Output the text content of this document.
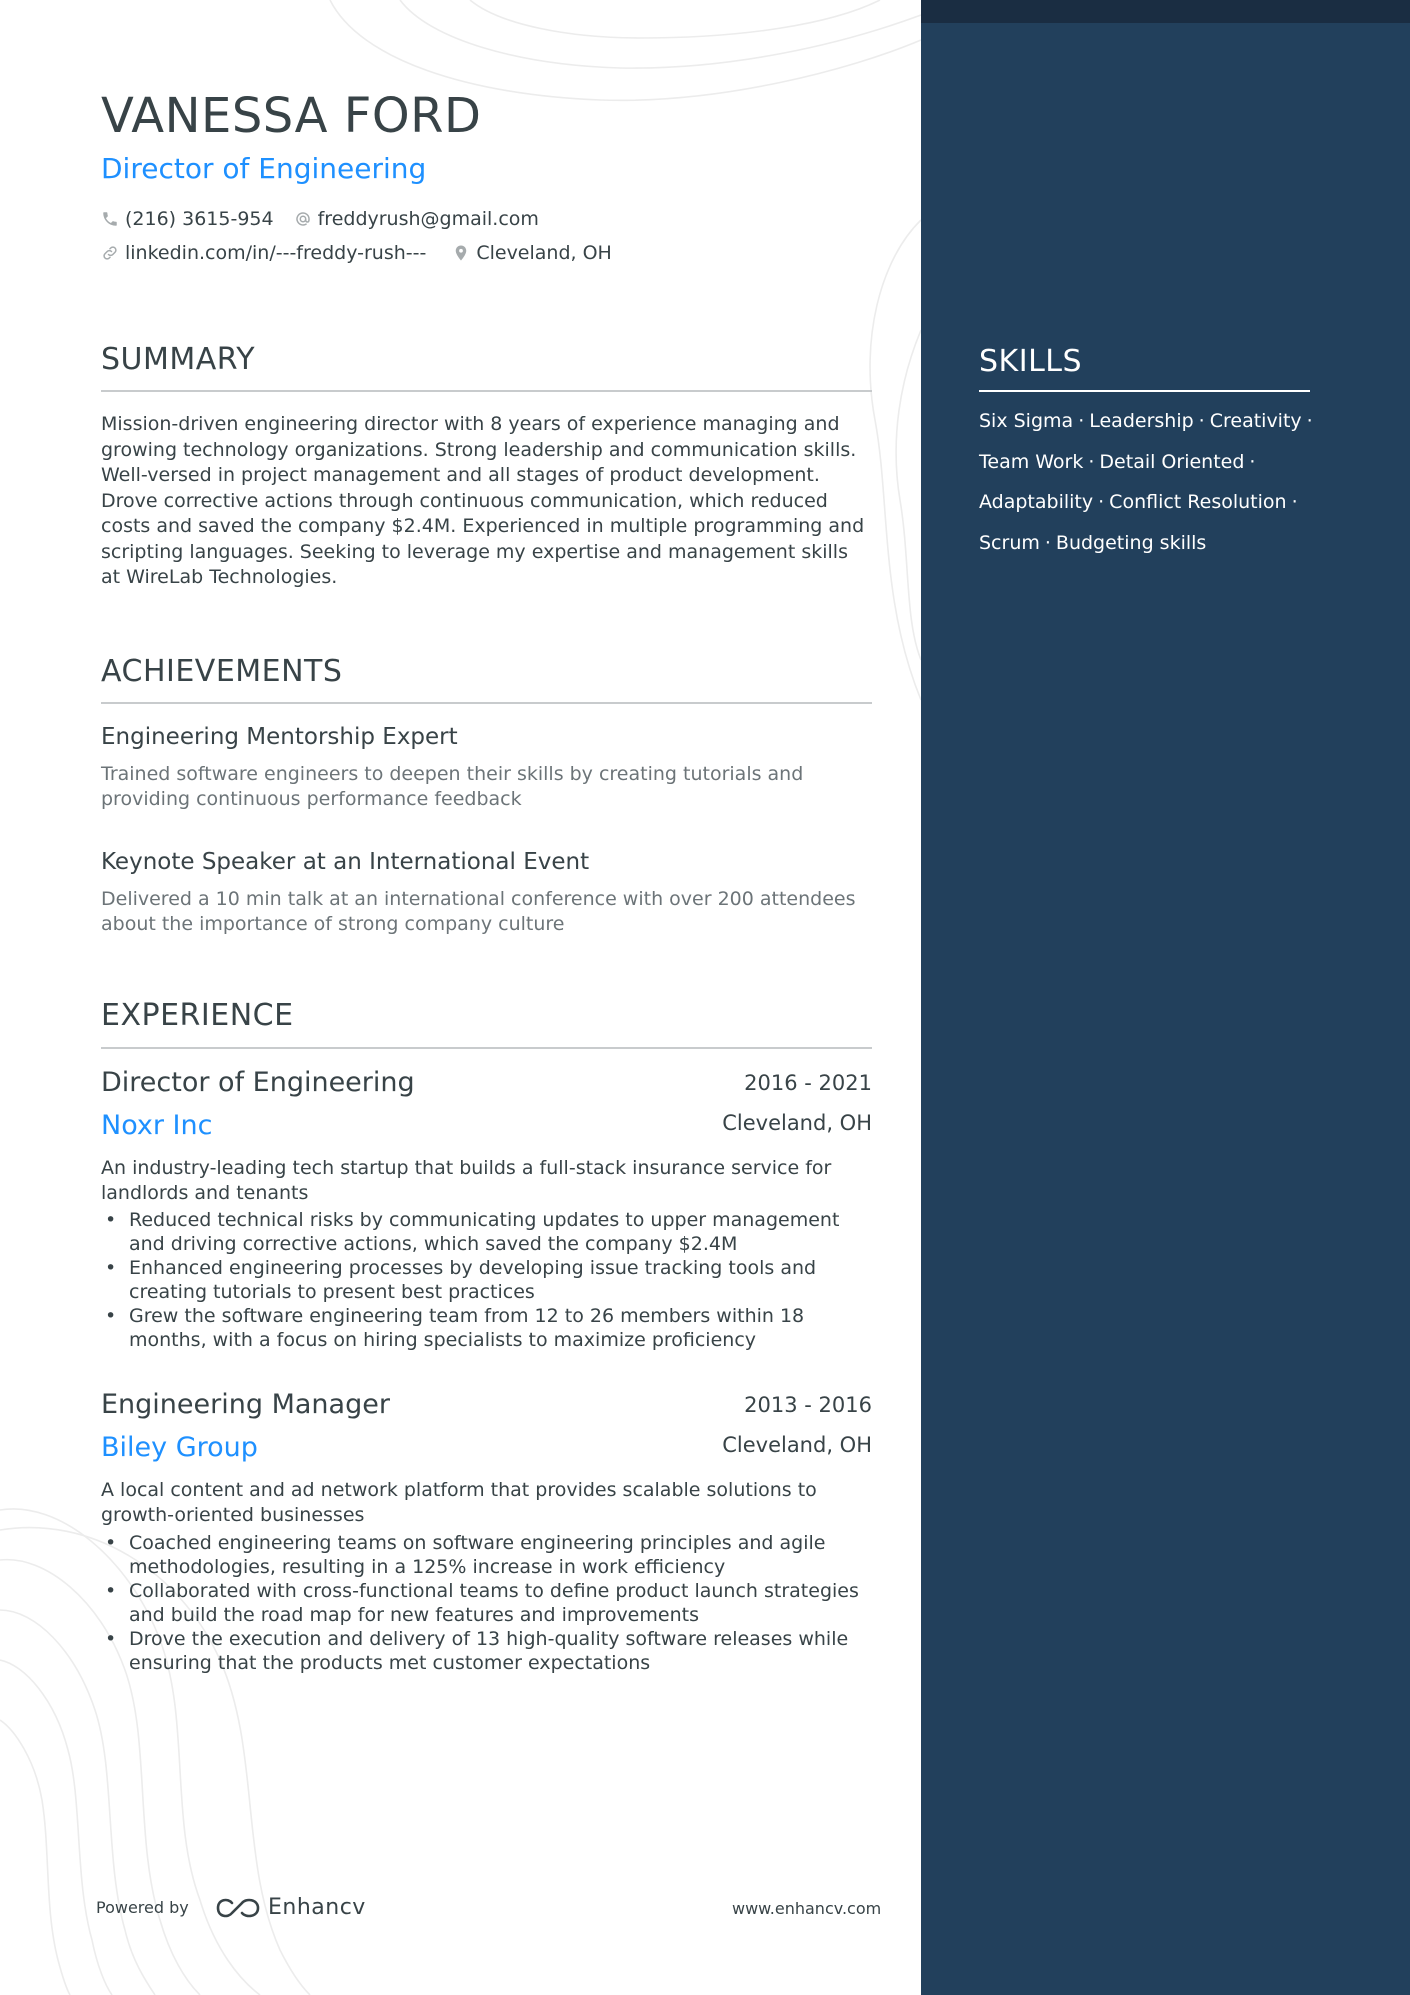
VANESSA FORD
Director of Engineering
(216) 3615-954 freddyrush@gmail.com
linkedin.com/in/---freddy-rush---	Cleveland, OH
SUMMARY
Mission-driven engineering director with 8 years of experience managing and growing technology organizations. Strong leadership and communication skills. Well-versed in project management and all stages of product development. Drove corrective actions through continuous communication, which reduced costs and saved the company $2.4M. Experienced in multiple programming and scripting languages. Seeking to leverage my expertise and management skills at WireLab Technologies.
ACHIEVEMENTS
Engineering Mentorship Expert
Trained software engineers to deepen their skills by creating tutorials and providing continuous performance feedback
Keynote Speaker at an International Event
Delivered a 10 min talk at an international conference with over 200 attendees about the importance of strong company culture
EXPERIENCE
Director of Engineering	2016 - 2021
Noxr Inc	Cleveland, OH
An industry-leading tech startup that builds a full-stack insurance service for landlords and tenants
• Reduced technical risks by communicating updates to upper management and driving corrective actions, which saved the company $2.4M
• Enhanced engineering processes by developing issue tracking tools and creating tutorials to present best practices
• Grew the software engineering team from 12 to 26 members within 18 months, with a focus on hiring specialists to maximize proficiency
Engineering Manager	2013 - 2016
Biley Group	Cleveland, OH
A local content and ad network platform that provides scalable solutions to growth-oriented businesses
• Coached engineering teams on software engineering principles and agile methodologies, resulting in a 125% increase in work efficiency
• Collaborated with cross-functional teams to define product launch strategies and build the road map for new features and improvements
• Drove the execution and delivery of 13 high-quality software releases while ensuring that the products met customer expectations
SKILLS
Six Sigma · Leadership · Creativity ·
Team Work · Detail Oriented ·
Adaptability · Conflict Resolution ·
Scrum · Budgeting skills
Powered by	Enhancv	www.enhancv.com
